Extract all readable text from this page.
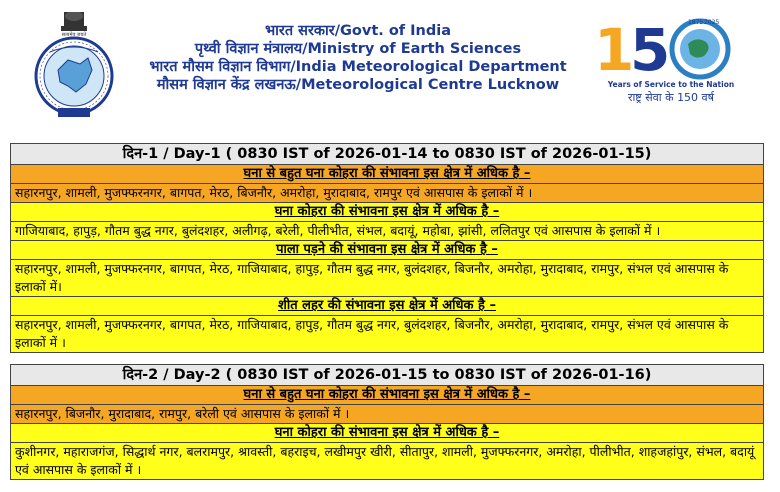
सत्यमेव जयते	भारत सरकार/Govt. of India
पृथ्वी विज्ञान मंत्रालय/Ministry of Earth Sciences
भारत मौसम विज्ञान विभाग/India Meteorological Department
मौसम विज्ञान केंद्र लखनऊ/Meteorological Centre Lucknow
1
5	1875 2025
Years of Service to the Nation
राष्ट्र सेवा के 150 वर्ष
दिन-1 / Day-1 ( 0830 IST of 2026-01-14 to 0830 IST of 2026-01-15)
घना से बहुत घना कोहरा की संभावना इस क्षेत्र में अधिक है –
सहारनपुर, शामली, मुजफ्फरनगर, बागपत, मेरठ, बिजनौर, अमरोहा, मुरादाबाद, रामपुर एवं आसपास के इलाकों में ।
घना कोहरा की संभावना इस क्षेत्र में अधिक है –
गाजियाबाद, हापुड़, गौतम बुद्ध नगर, बुलंदशहर, अलीगढ़, बरेली, पीलीभीत, संभल, बदायूं, महोबा, झांसी, ललितपुर एवं आसपास के इलाकों में ।
पाला पड़ने की संभावना इस क्षेत्र में अधिक है –
सहारनपुर, शामली, मुजफ्फरनगर, बागपत, मेरठ, गाजियाबाद, हापुड़, गौतम बुद्ध नगर, बुलंदशहर, बिजनौर, अमरोहा, मुरादाबाद, रामपुर, संभल एवं आसपास के इलाकों में।
शीत लहर की संभावना इस क्षेत्र में अधिक है –
सहारनपुर, शामली, मुजफ्फरनगर, बागपत, मेरठ, गाजियाबाद, हापुड़, गौतम बुद्ध नगर, बुलंदशहर, बिजनौर, अमरोहा, मुरादाबाद, रामपुर, संभल एवं आसपास के इलाकों में ।
दिन-2 / Day-2 ( 0830 IST of 2026-01-15 to 0830 IST of 2026-01-16)
घना से बहुत घना कोहरा की संभावना इस क्षेत्र में अधिक है –
सहारनपुर, बिजनौर, मुरादाबाद, रामपुर, बरेली एवं आसपास के इलाकों में ।
घना कोहरा की संभावना इस क्षेत्र में अधिक है –
कुशीनगर, महाराजगंज, सिद्धार्थ नगर, बलरामपुर, श्रावस्ती, बहराइच, लखीमपुर खीरी, सीतापुर, शामली, मुजफ्फरनगर, अमरोहा, पीलीभीत, शाहजहांपुर, संभल, बदायूं एवं आसपास के इलाकों में ।
